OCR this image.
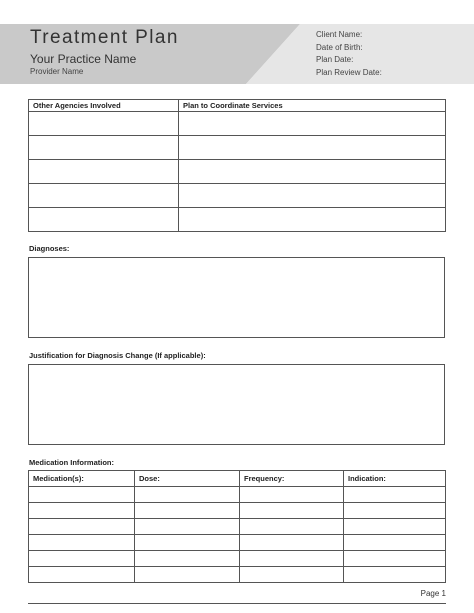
Treatment Plan
Your Practice Name
Provider Name
Client Name:
Date of Birth:
Plan Date:
Plan Review Date:
Other Agencies Involved	Plan to Coordinate Services

Diagnoses:
Justification for Diagnosis Change (If applicable):
Medication Information:
Medication(s):	Dose:	Frequency:	Indication:

Page 1
